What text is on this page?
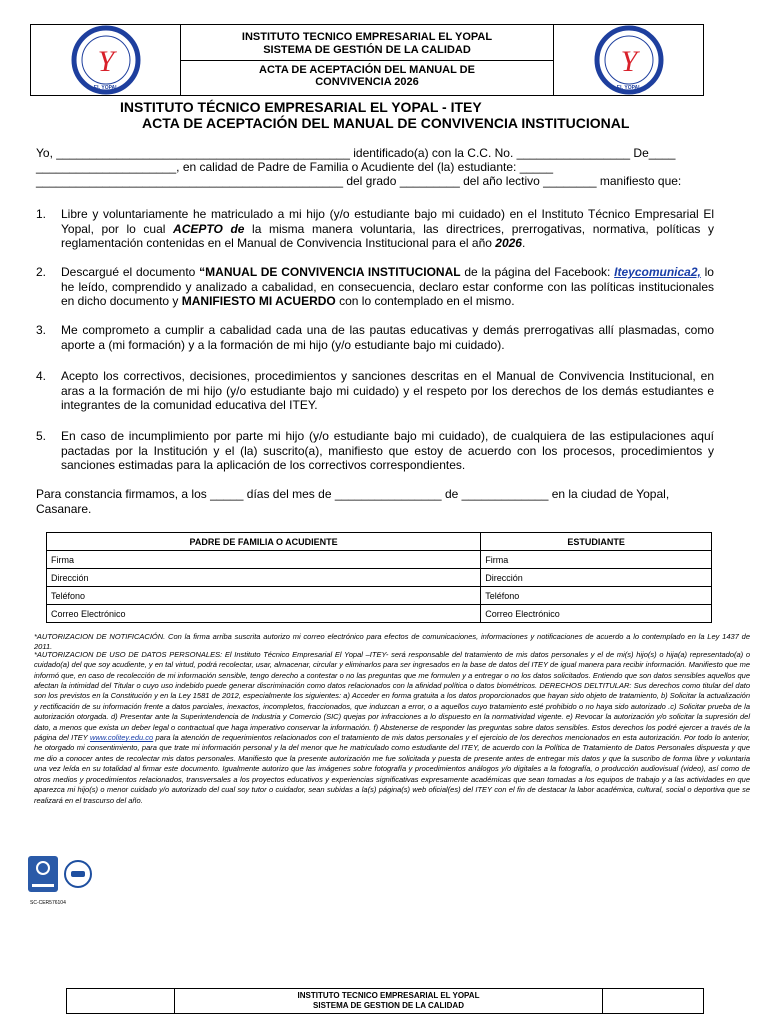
Y
EL YOPAL
INSTITUTO TECNICO EMPRESARIAL EL YOPAL
SISTEMA DE GESTIÓN DE LA CALIDAD
ACTA DE ACEPTACIÓN DEL MANUAL DE
CONVIVENCIA 2026
Y
EL YOPAL
INSTITUTO TÉCNICO EMPRESARIAL EL YOPAL - ITEY
ACTA DE ACEPTACIÓN DEL MANUAL DE CONVIVENCIA INSTITUCIONAL
Yo, ____________________________________________ identificado(a) con la C.C. No. _________________ De____
_____________________, en calidad de Padre de Familia o Acudiente del (la) estudiante: _____
______________________________________________ del grado _________ del año lectivo ________ manifiesto que:
1. Libre y voluntariamente he matriculado a mi hijo (y/o estudiante bajo mi cuidado) en el Instituto Técnico Empresarial El Yopal, por lo cual ACEPTO de la misma manera voluntaria, las directrices, prerrogativas, normativa, políticas y reglamentación contenidas en el Manual de Convivencia Institucional para el año 2026.
2. Descargué el documento “MANUAL DE CONVIVENCIA INSTITUCIONAL de la página del Facebook: Iteycomunica2, lo he leído, comprendido y analizado a cabalidad, en consecuencia, declaro estar conforme con las políticas institucionales en dicho documento y MANIFIESTO MI ACUERDO con lo contemplado en el mismo.
3. Me comprometo a cumplir a cabalidad cada una de las pautas educativas y demás prerrogativas allí plasmadas, como aporte a (mi formación) y a la formación de mi hijo (y/o estudiante bajo mi cuidado).
4. Acepto los correctivos, decisiones, procedimientos y sanciones descritas en el Manual de Convivencia Institucional, en aras a la formación de mi hijo (y/o estudiante bajo mi cuidado) y el respeto por los derechos de los demás estudiantes e integrantes de la comunidad educativa del ITEY.
5. En caso de incumplimiento por parte mi hijo (y/o estudiante bajo mi cuidado), de cualquiera de las estipulaciones aquí pactadas por la Institución y el (la) suscrito(a), manifiesto que estoy de acuerdo con los procesos, procedimientos y sanciones estimadas para la aplicación de los correctivos correspondientes.
Para constancia firmamos, a los _____ días del mes de ________________ de _____________ en la ciudad de Yopal, Casanare.
PADRE DE FAMILIA O ACUDIENTE	ESTUDIANTE
Firma	Firma
Dirección	Dirección
Teléfono	Teléfono
Correo Electrónico	Correo Electrónico

*AUTORIZACION DE NOTIFICACIÓN. Con la firma arriba suscrita autorizo mi correo electrónico para efectos de comunicaciones, informaciones y notificaciones de acuerdo a lo contemplado en la Ley 1437 de 2011.

*AUTORIZACION DE USO DE DATOS PERSONALES: El Instituto Técnico Empresarial El Yopal –ITEY- será responsable del tratamiento de mis datos personales y el de mi(s) hijo(s) o hija(a) representado(a) o cuidado(a) del que soy acudiente, y en tal virtud, podrá recolectar, usar, almacenar, circular y eliminarlos para ser ingresados en la base de datos del ITEY de igual manera para recibir información. Manifiesto que me informó que, en caso de recolección de mi información sensible, tengo derecho a contestar o no las preguntas que me formulen y a entregar o no los datos solicitados. Entiendo que son datos sensibles aquellos que afectan la intimidad del Titular o cuyo uso indebido puede generar discriminación como datos relacionados con la afinidad política o datos biométricos. DERECHOS DELTITULAR: Sus derechos como titular del dato son los previstos en la Constitución y en la Ley 1581 de 2012, especialmente los siguientes: a) Acceder en forma gratuita a los datos proporcionados que hayan sido objeto de tratamiento, b) Solicitar la actualización y rectificación de su información frente a datos parciales, inexactos, incompletos, fraccionados, que induzcan a error, o a aquellos cuyo tratamiento esté prohibido o no haya sido autorizado .c) Solicitar prueba de la autorización otorgada. d) Presentar ante la Superintendencia de Industria y Comercio (SIC) quejas por infracciones a lo dispuesto en la normatividad vigente. e) Revocar la autorización y/o solicitar la supresión del dato, a menos que exista un deber legal o contractual que haga imperativo conservar la información. f) Abstenerse de responder las preguntas sobre datos sensibles. Estos derechos los podré ejercer a través de la página del ITEY www.colitey.edu.co para la atención de requerimientos relacionados con el tratamiento de mis datos personales y el ejercicio de los derechos mencionados en esta autorización. Por todo lo anterior, he otorgado mi consentimiento, para que trate mi información personal y la del menor que he matriculado como estudiante del ITEY, de acuerdo con la Política de Tratamiento de Datos Personales dispuesta y que me dio a conocer antes de recolectar mis datos personales. Manifiesto que la presente autorización me fue solicitada y puesta de presente antes de entregar mis datos y que la suscribo de forma libre y voluntaria una vez leída en su totalidad al firmar este documento. Igualmente autorizo que las imágenes sobre fotografía y procedimientos análogos y/o digitales a la fotografía, o producción audiovisual (video), así como de otros medios y procedimientos relacionados, transversales a los proyectos educativos y experiencias significativas expresamente académicas que sean tomadas a los equipos de trabajo y a las actividades en que aparezca mi hijo(s) o menor cuidado y/o autorizado del cual soy tutor o cuidador, sean subidas a la(s) página(s) web oficial(es) del ITEY con el fin de destacar la labor académica, cultural, social o deportiva que se realizará en el trascurso del año.

SC-CER576104
INSTITUTO TECNICO EMPRESARIAL EL YOPAL
SISTEMA DE GESTION DE LA CALIDAD
